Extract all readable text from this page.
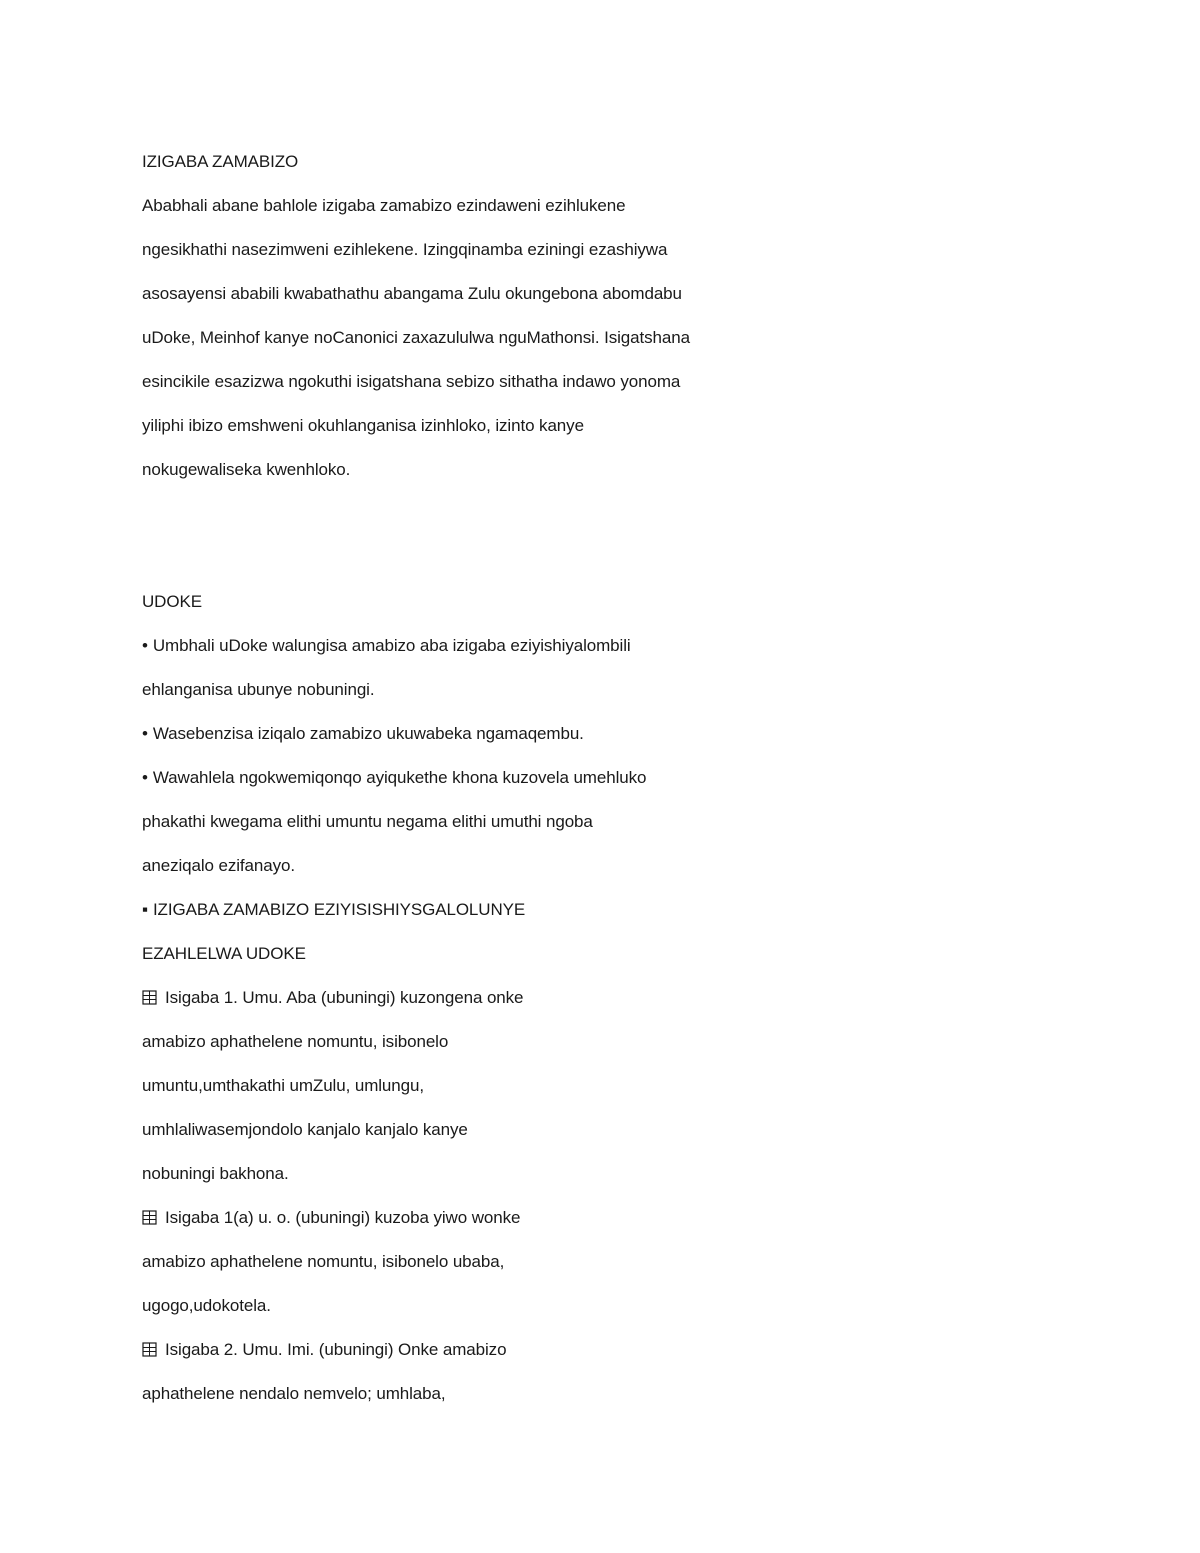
IZIGABA ZAMABIZO
Ababhali abane bahlole izigaba zamabizo ezindaweni ezihlukene
ngesikhathi nasezimweni ezihlekene. Izingqinamba eziningi ezashiywa
asosayensi ababili kwabathathu abangama Zulu okungebona abomdabu
uDoke, Meinhof kanye noCanonici zaxazululwa nguMathonsi. Isigatshana
esincikile esazizwa ngokuthi isigatshana sebizo sithatha indawo yonoma
yiliphi ibizo emshweni okuhlanganisa izinhloko, izinto kanye
nokugewaliseka kwenhloko.
UDOKE
• Umbhali uDoke walungisa amabizo aba izigaba eziyishiyalombili
ehlanganisa ubunye nobuningi.
• Wasebenzisa iziqalo zamabizo ukuwabeka ngamaqembu.
• Wawahlela ngokwemiqonqo ayiqukethe khona kuzovela umehluko
phakathi kwegama elithi umuntu negama elithi umuthi ngoba
aneziqalo ezifanayo.
▪ IZIGABA ZAMABIZO EZIYISISHIYSGALOLUNYE
EZAHLELWA UDOKE
Isigaba 1. Umu. Aba (ubuningi) kuzongena onke
amabizo aphathelene nomuntu, isibonelo
umuntu,umthakathi umZulu, umlungu,
umhlaliwasemjondolo kanjalo kanjalo kanye
nobuningi bakhona.
Isigaba 1(a) u. o. (ubuningi) kuzoba yiwo wonke
amabizo aphathelene nomuntu, isibonelo ubaba,
ugogo,udokotela.
Isigaba 2. Umu. Imi. (ubuningi) Onke amabizo
aphathelene nendalo nemvelo; umhlaba,
